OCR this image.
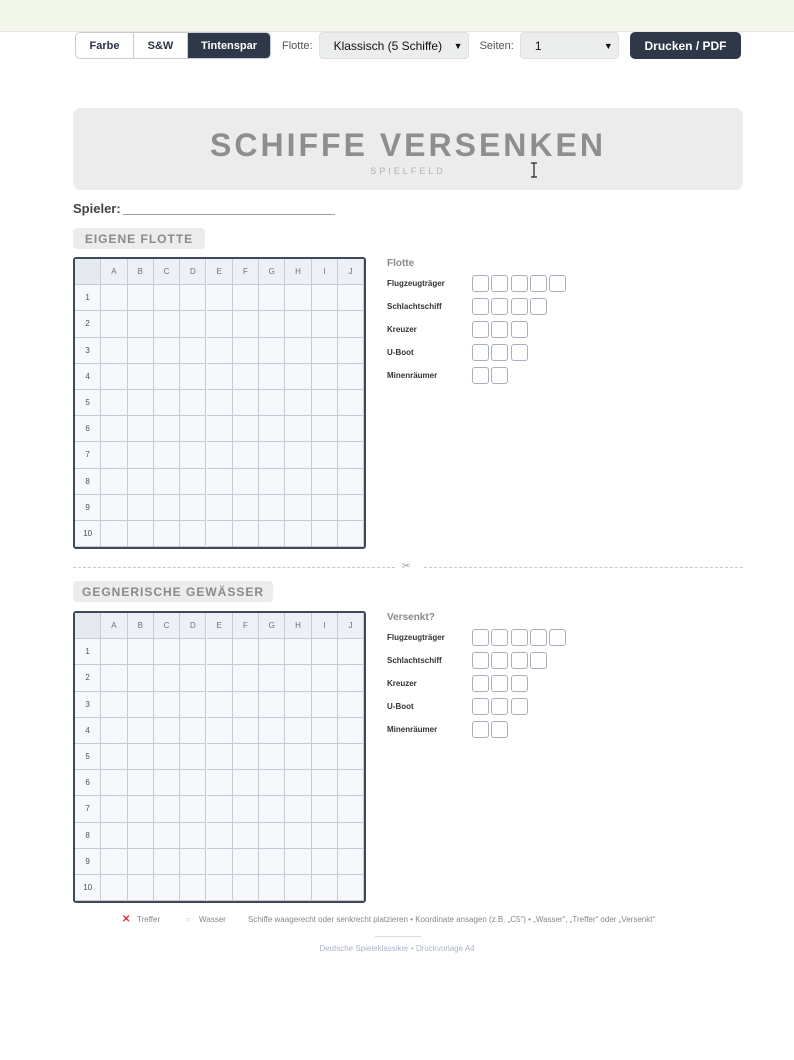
Farbe	S&W	Tintenspar	Flotte: Klassisch (5 Schiffe) ▼ Seiten: 1	▼	Drucken / PDF
SCHIFFE VERSENKEN
SPIELFELD
Spieler:
EIGENE FLOTTE
A	B	C	D	E	F	G	H	I	J
1
2
3
4
5
6
7
8
9
10
Flotte
Flugzeugträger
Schlachtschiff
Kreuzer
U-Boot
Minenräumer
✂
GEGNERISCHE GEWÄSSER
A	B	C	D	E	F	G	H	I	J
1
2
3
4
5
6
7
8
9
10
Versenkt?
Flugzeugträger
Schlachtschiff
Kreuzer
U-Boot
Minenräumer
✕ Treffer	○ Wasser	Schiffe waagerecht oder senkrecht platzieren • Koordinate ansagen (z.B. „C5“) • „Wasser“, „Treffer“ oder „Versenkt“
Deutsche Spieleklassiker • Druckvorlage A4
